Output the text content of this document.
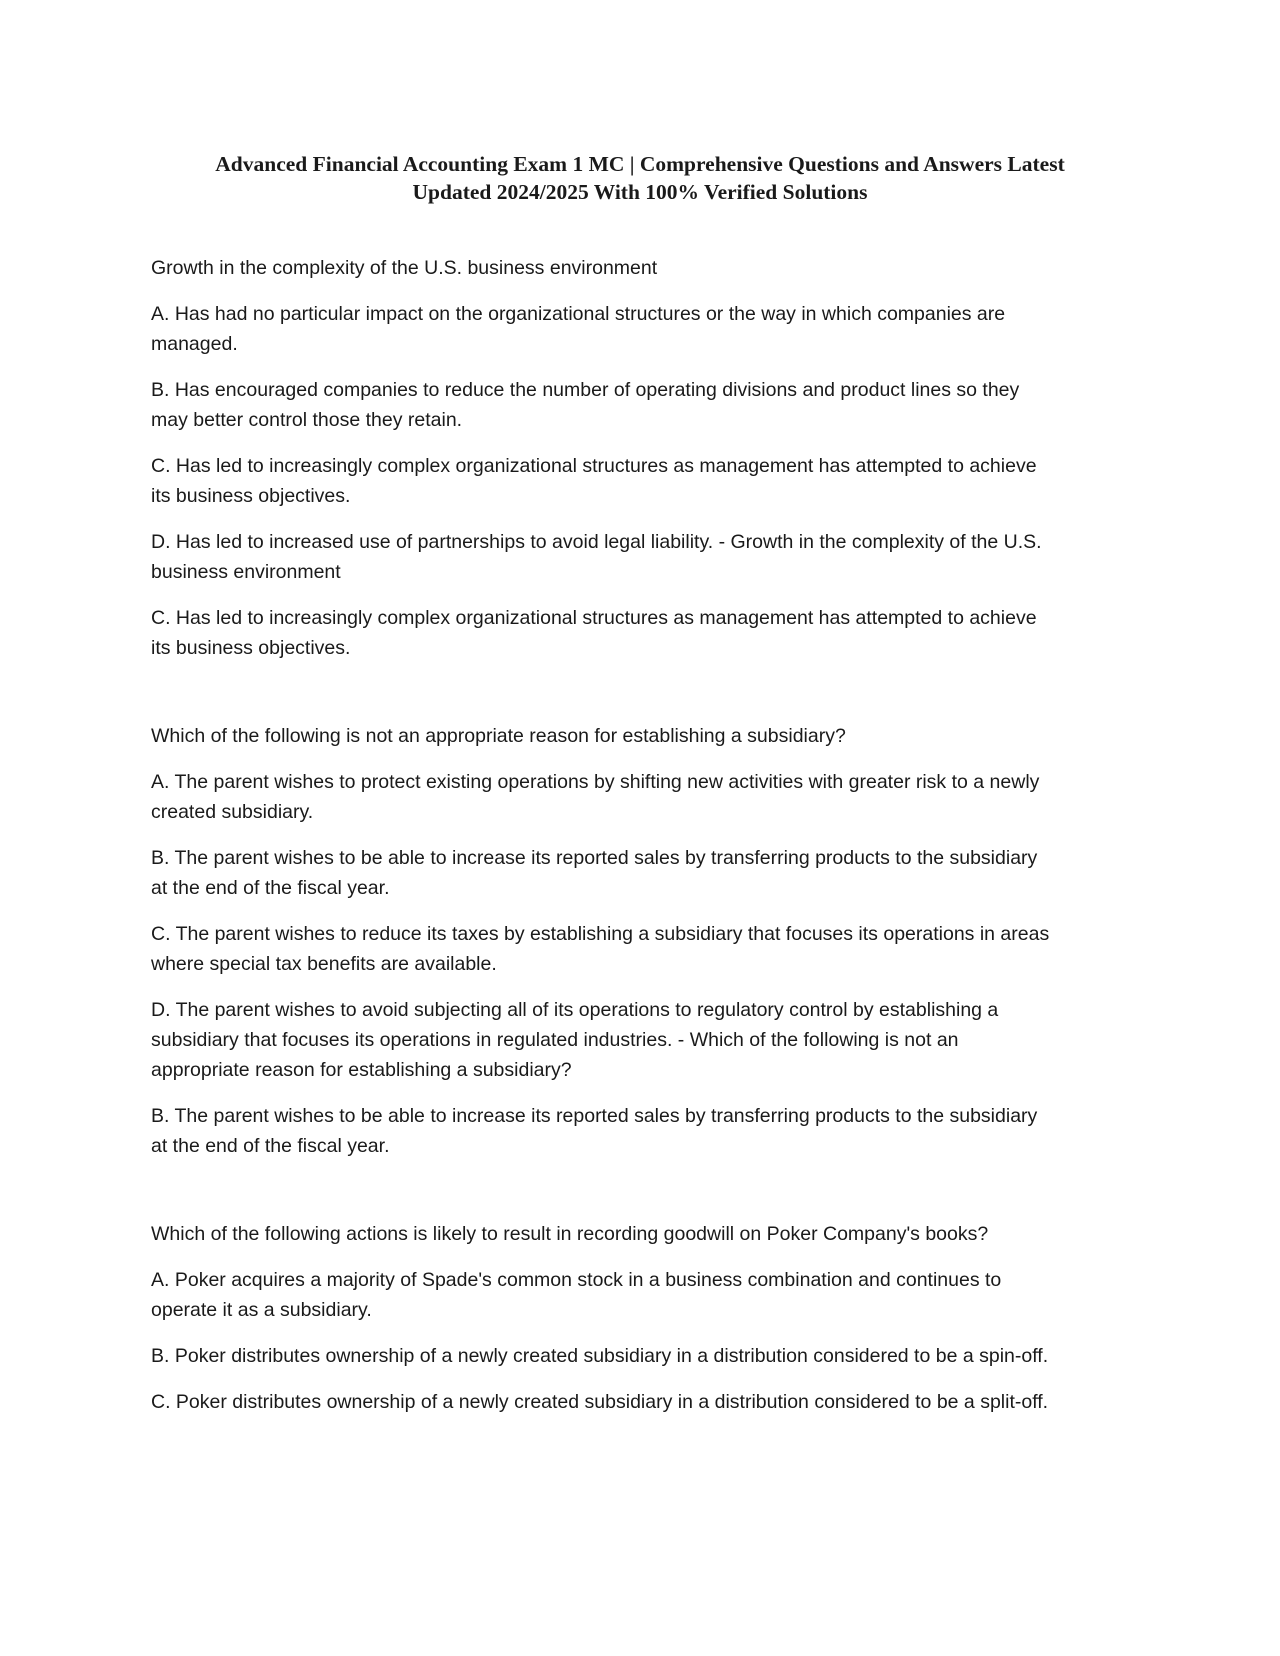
Advanced Financial Accounting Exam 1 MC | Comprehensive Questions and Answers Latest
Updated 2024/2025 With 100% Verified Solutions

Growth in the complexity of the U.S. business environment

A. Has had no particular impact on the organizational structures or the way in which companies are
managed.

B. Has encouraged companies to reduce the number of operating divisions and product lines so they
may better control those they retain.

C. Has led to increasingly complex organizational structures as management has attempted to achieve
its business objectives.

D. Has led to increased use of partnerships to avoid legal liability. - Growth in the complexity of the U.S.
business environment

C. Has led to increasingly complex organizational structures as management has attempted to achieve
its business objectives.

Which of the following is not an appropriate reason for establishing a subsidiary?

A. The parent wishes to protect existing operations by shifting new activities with greater risk to a newly
created subsidiary.

B. The parent wishes to be able to increase its reported sales by transferring products to the subsidiary
at the end of the fiscal year.

C. The parent wishes to reduce its taxes by establishing a subsidiary that focuses its operations in areas
where special tax benefits are available.

D. The parent wishes to avoid subjecting all of its operations to regulatory control by establishing a
subsidiary that focuses its operations in regulated industries. - Which of the following is not an
appropriate reason for establishing a subsidiary?

B. The parent wishes to be able to increase its reported sales by transferring products to the subsidiary
at the end of the fiscal year.

Which of the following actions is likely to result in recording goodwill on Poker Company's books?

A. Poker acquires a majority of Spade's common stock in a business combination and continues to
operate it as a subsidiary.

B. Poker distributes ownership of a newly created subsidiary in a distribution considered to be a spin-off.

C. Poker distributes ownership of a newly created subsidiary in a distribution considered to be a split-off.
